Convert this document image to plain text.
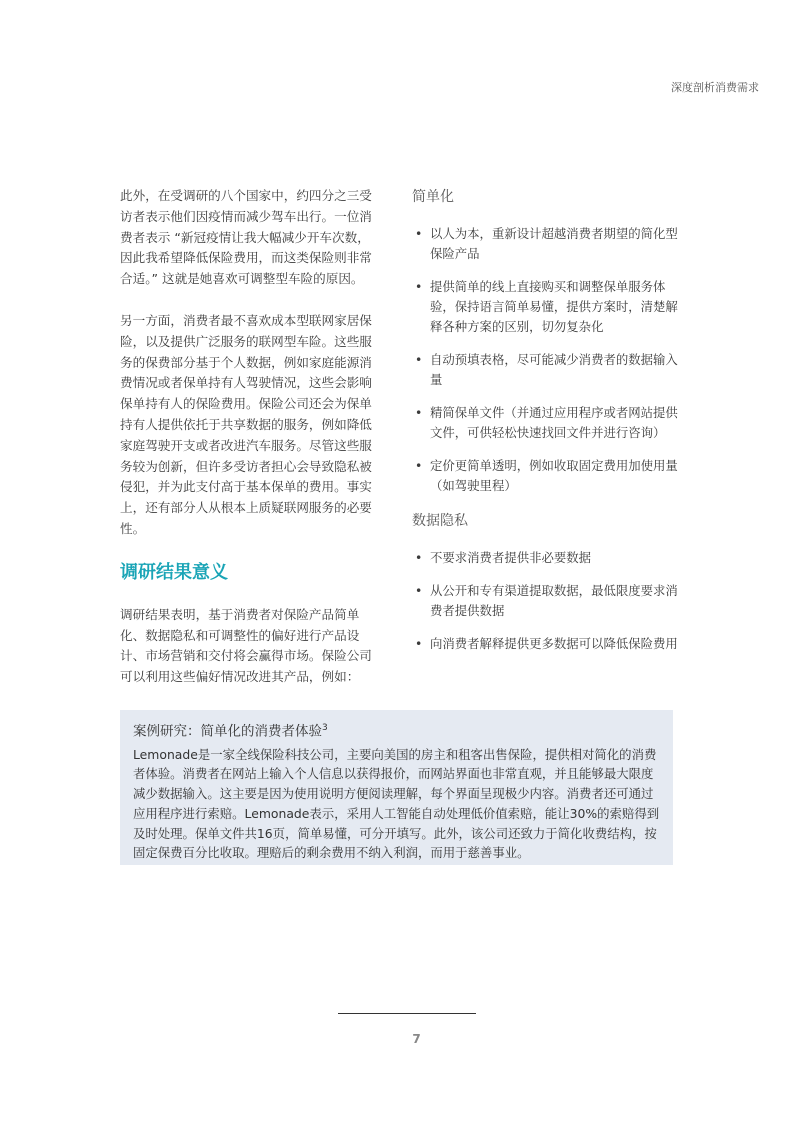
深度剖析消费需求

此外，在受调研的八个国家中，约四分之三受访者表示他们因疫情而减少驾车出行。一位消费者表示 “新冠疫情让我大幅减少开车次数，因此我希望降低保险费用，而这类保险则非常合适。” 这就是她喜欢可调整型车险的原因。

另一方面，消费者最不喜欢成本型联网家居保险，以及提供广泛服务的联网型车险。这些服务的保费部分基于个人数据，例如家庭能源消费情况或者保单持有人驾驶情况，这些会影响保单持有人的保险费用。保险公司还会为保单持有人提供依托于共享数据的服务，例如降低家庭驾驶开支或者改进汽车服务。尽管这些服务较为创新，但许多受访者担心会导致隐私被侵犯，并为此支付高于基本保单的费用。事实上，还有部分人从根本上质疑联网服务的必要性。

调研结果意义

调研结果表明，基于消费者对保险产品简单化、数据隐私和可调整性的偏好进行产品设计、市场营销和交付将会赢得市场。保险公司可以利用这些偏好情况改进其产品，例如：

简单化
• 以人为本，重新设计超越消费者期望的简化型保险产品
• 提供简单的线上直接购买和调整保单服务体验，保持语言简单易懂，提供方案时，清楚解释各种方案的区别，切勿复杂化
• 自动预填表格，尽可能减少消费者的数据输入量
• 精简保单文件（并通过应用程序或者网站提供文件，可供轻松快速找回文件并进行咨询）
• 定价更简单透明，例如收取固定费用加使用量（如驾驶里程）
数据隐私
• 不要求消费者提供非必要数据
• 从公开和专有渠道提取数据，最低限度要求消费者提供数据
• 向消费者解释提供更多数据可以降低保险费用
案例研究：简单化的消费者体验$^3$
Lemonade是一家全线保险科技公司，主要向美国的房主和租客出售保险，提供相对简化的消费者体验。消费者在网站上输入个人信息以获得报价，而网站界面也非常直观，并且能够最大限度减少数据输入。这主要是因为使用说明方便阅读理解，每个界面呈现极少内容。消费者还可通过应用程序进行索赔。Lemonade表示，采用人工智能自动处理低价值索赔，能让30%的索赔得到及时处理。保单文件共16页，简单易懂，可分开填写。此外，该公司还致力于简化收费结构，按固定保费百分比收取。理赔后的剩余费用不纳入利润，而用于慈善事业。
7
